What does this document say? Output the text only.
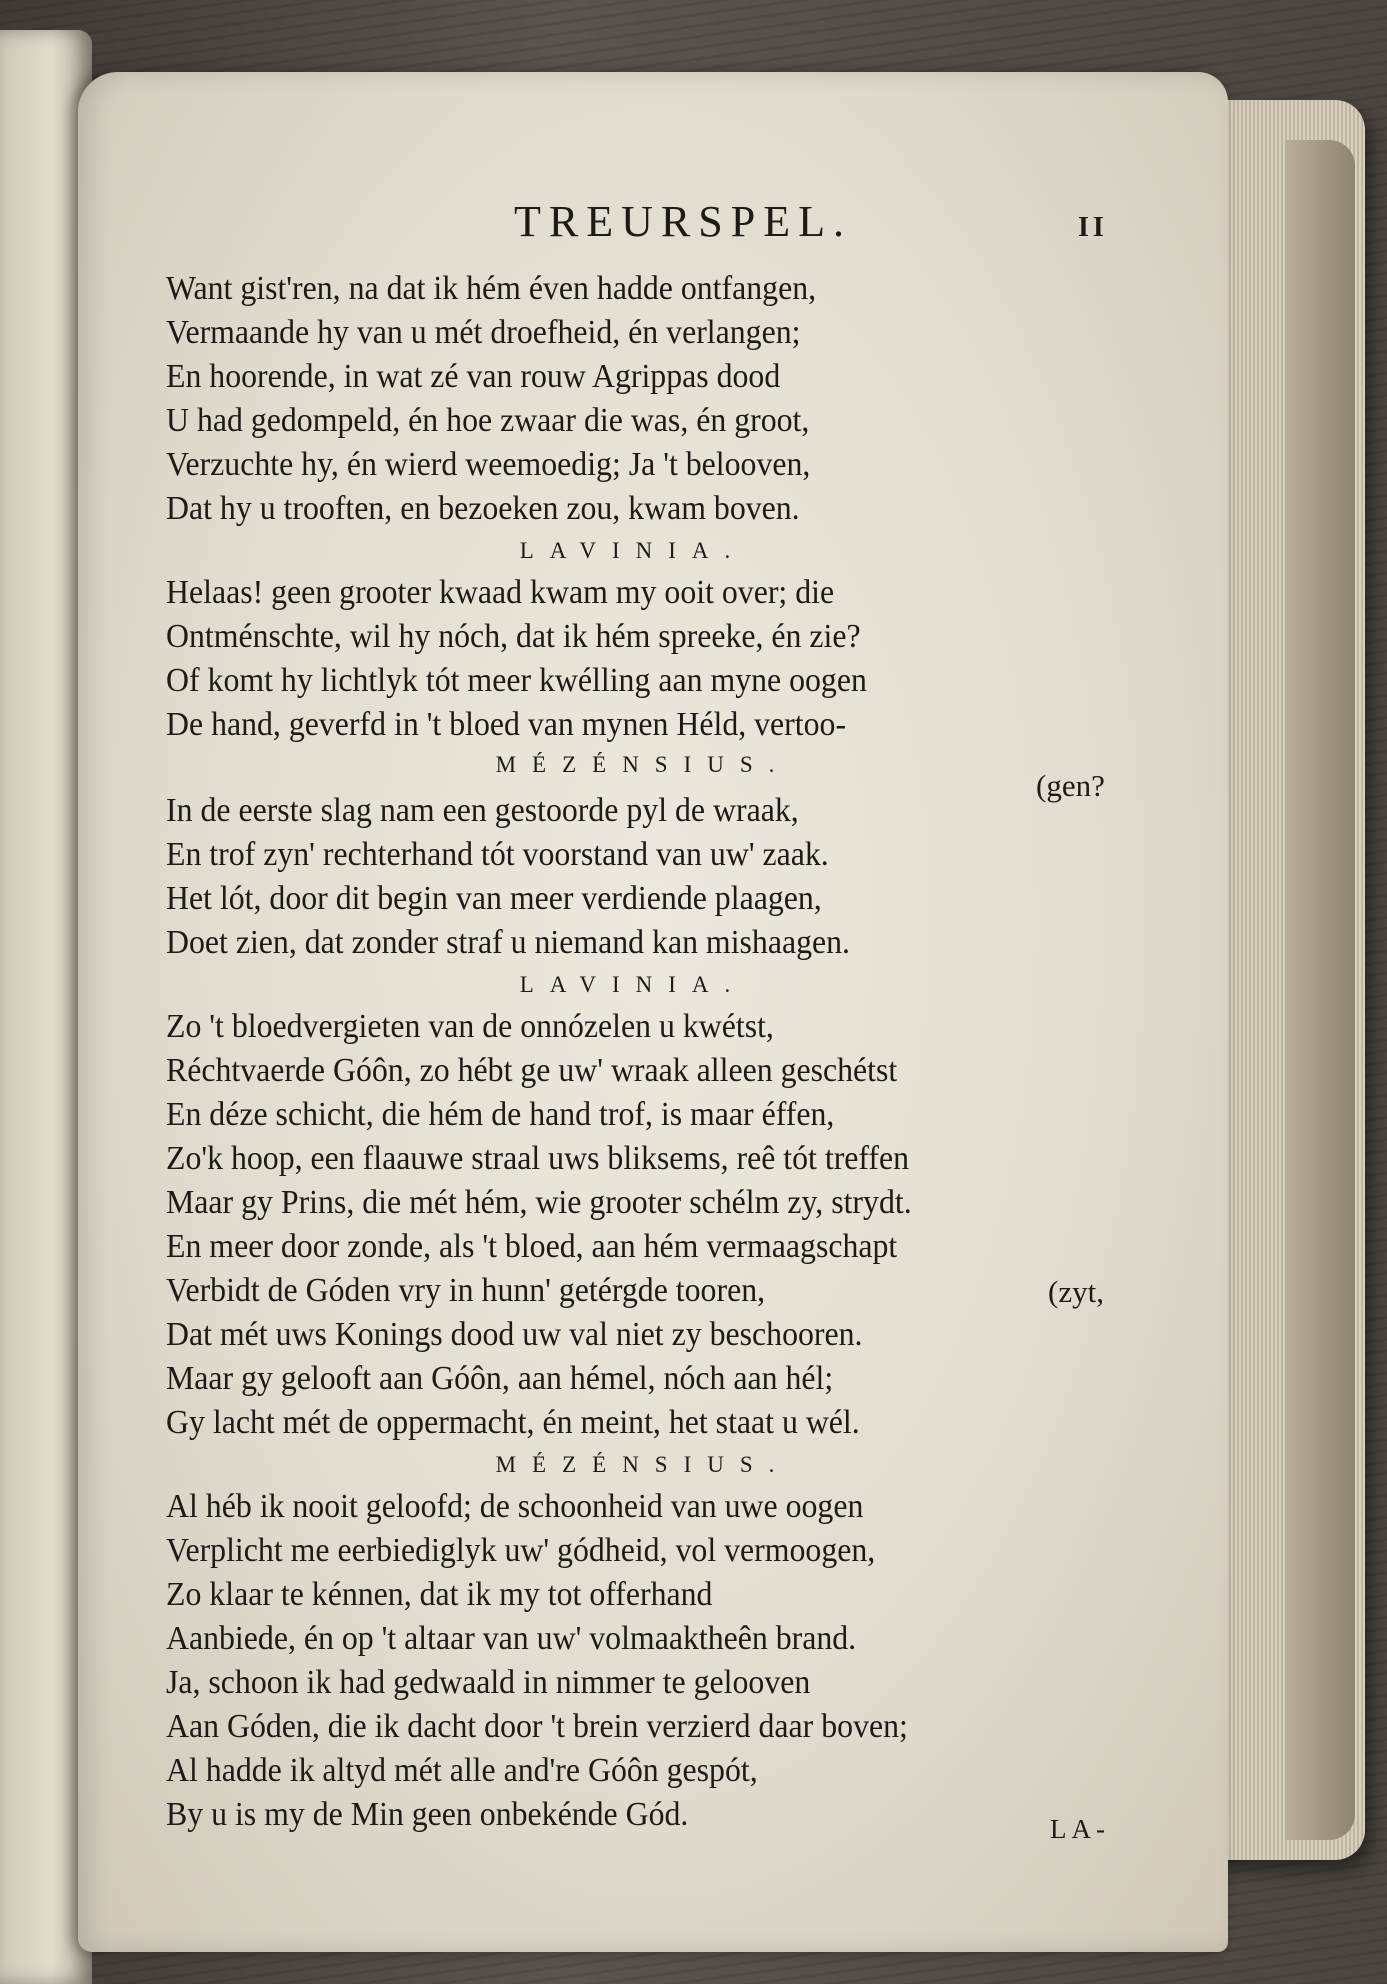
TREURSPEL.	II
Want gist'ren, na dat ik hém éven hadde ontfangen,
Vermaande hy van u mét droefheid, én verlangen;
En hoorende, in wat zé van rouw Agrippas dood
U had gedompeld, én hoe zwaar die was, én groot,
Verzuchte hy, én wierd weemoedig; Ja 't belooven,
Dat hy u trooften, en bezoeken zou, kwam boven.
LAVINIA.
Helaas! geen grooter kwaad kwam my ooit over; die
Ontménschte, wil hy nóch, dat ik hém spreeke, én zie?
Of komt hy lichtlyk tót meer kwélling aan myne oogen
De hand, geverfd in 't bloed van mynen Héld, vertoo-
MÉZÉNSIUS.
(gen?
In de eerste slag nam een gestoorde pyl de wraak,
En trof zyn' rechterhand tót voorstand van uw' zaak.
Het lót, door dit begin van meer verdiende plaagen,
Doet zien, dat zonder straf u niemand kan mishaagen.
LAVINIA.
Zo 't bloedvergieten van de onnózelen u kwétst,
Réchtvaerde Góôn, zo hébt ge uw' wraak alleen geschétst
En déze schicht, die hém de hand trof, is maar éffen,
Zo'k hoop, een flaauwe straal uws bliksems, reê tót treffen
Maar gy Prins, die mét hém, wie grooter schélm zy, strydt.
En meer door zonde, als 't bloed, aan hém vermaagschapt
Verbidt de Góden vry in hunn' getérgde tooren,	(zyt,
Dat mét uws Konings dood uw val niet zy beschooren.
Maar gy gelooft aan Góôn, aan hémel, nóch aan hél;
Gy lacht mét de oppermacht, én meint, het staat u wél.
MÉZÉNSIUS.
Al héb ik nooit geloofd; de schoonheid van uwe oogen
Verplicht me eerbiediglyk uw' gódheid, vol vermoogen,
Zo klaar te kénnen, dat ik my tot offerhand
Aanbiede, én op 't altaar van uw' volmaaktheên brand.
Ja, schoon ik had gedwaald in nimmer te gelooven
Aan Góden, die ik dacht door 't brein verzierd daar boven;
Al hadde ik altyd mét alle and're Góôn gespót,
By u is my de Min geen onbekénde Gód.	LA-
